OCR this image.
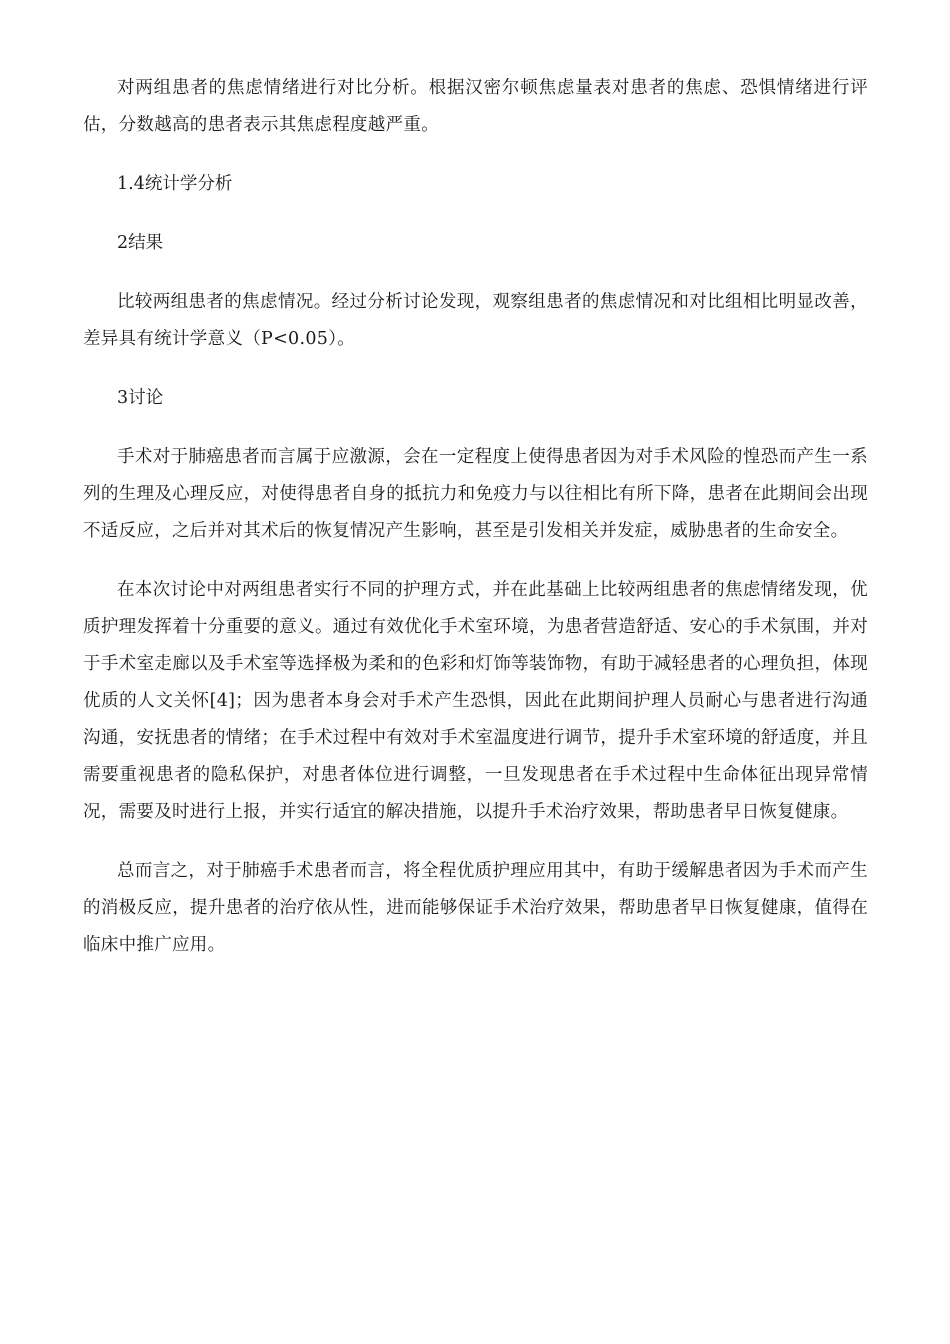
对两组患者的焦虑情绪进行对比分析。根据汉密尔顿焦虑量表对患者的焦虑、恐惧情绪进行评估，分数越高的患者表示其焦虑程度越严重。

1.4统计学分析

2结果

比较两组患者的焦虑情况。经过分析讨论发现，观察组患者的焦虑情况和对比组相比明显改善，差异具有统计学意义（P<0.05）。

3讨论

手术对于肺癌患者而言属于应激源，会在一定程度上使得患者因为对手术风险的惶恐而产生一系列的生理及心理反应，对使得患者自身的抵抗力和免疫力与以往相比有所下降，患者在此期间会出现不适反应，之后并对其术后的恢复情况产生影响，甚至是引发相关并发症，威胁患者的生命安全。

在本次讨论中对两组患者实行不同的护理方式，并在此基础上比较两组患者的焦虑情绪发现，优质护理发挥着十分重要的意义。通过有效优化手术室环境，为患者营造舒适、安心的手术氛围，并对于手术室走廊以及手术室等选择极为柔和的色彩和灯饰等装饰物，有助于减轻患者的心理负担，体现优质的人文关怀[4]；因为患者本身会对手术产生恐惧，因此在此期间护理人员耐心与患者进行沟通沟通，安抚患者的情绪；在手术过程中有效对手术室温度进行调节，提升手术室环境的舒适度，并且需要重视患者的隐私保护，对患者体位进行调整，一旦发现患者在手术过程中生命体征出现异常情况，需要及时进行上报，并实行适宜的解决措施，以提升手术治疗效果，帮助患者早日恢复健康。

总而言之，对于肺癌手术患者而言，将全程优质护理应用其中，有助于缓解患者因为手术而产生的消极反应，提升患者的治疗依从性，进而能够保证手术治疗效果，帮助患者早日恢复健康，值得在临床中推广应用。
